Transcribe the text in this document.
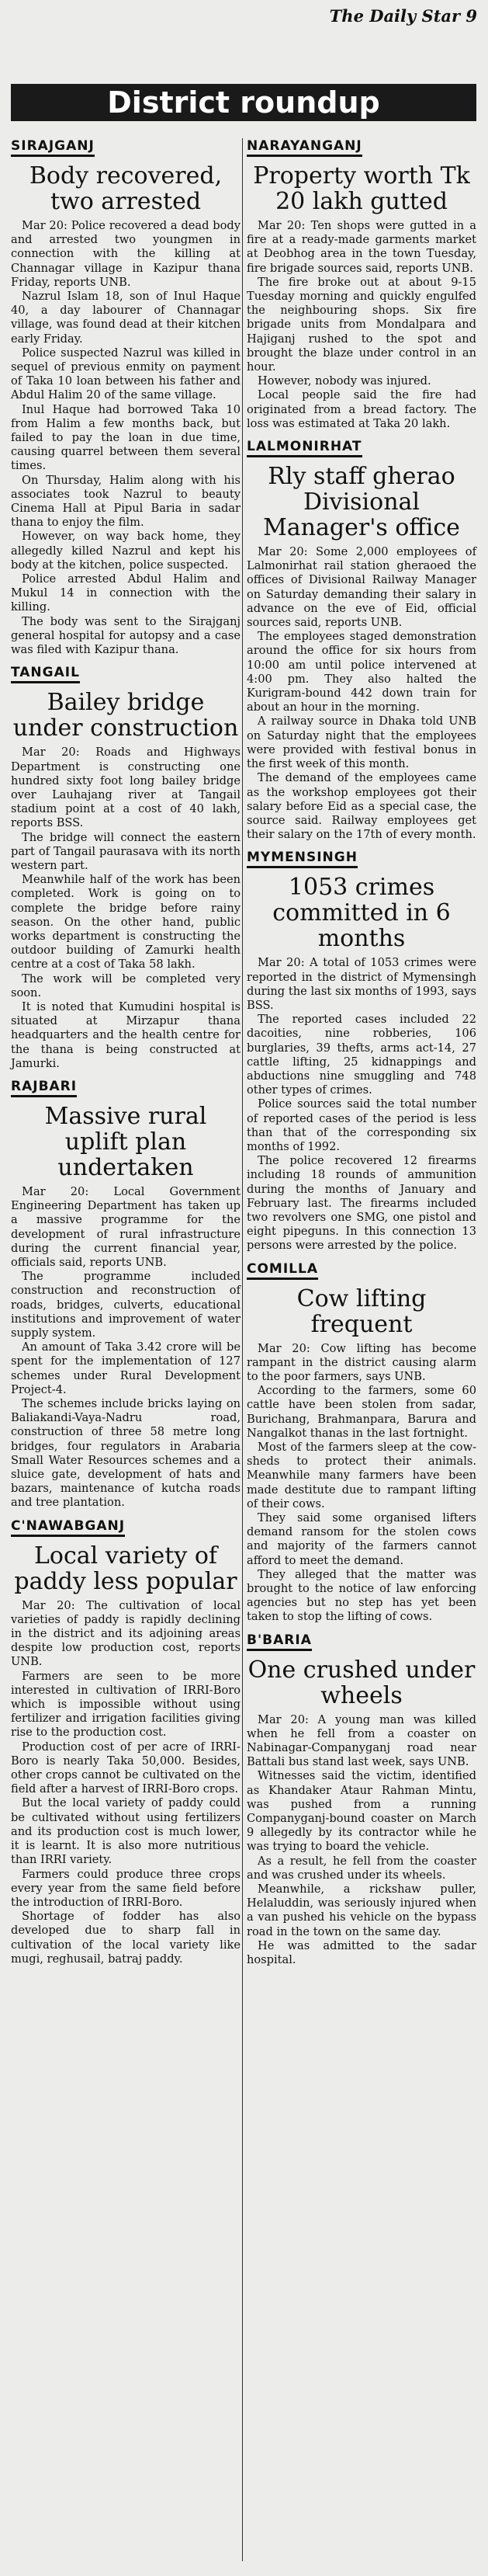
The Daily Star 9
District roundup
SIRAJGANJ
Body recovered, two arrested

Mar 20: Police recovered a dead body and arrested two youngmen in connection with the killing at Channagar village in Kazipur thana Friday, reports UNB.

Nazrul Islam 18, son of Inul Haque 40, a day labourer of Channagar village, was found dead at their kitchen early Friday.

Police suspected Nazrul was killed in sequel of previous enmity on payment of Taka 10 loan between his father and Abdul Halim 20 of the same village.

Inul Haque had borrowed Taka 10 from Halim a few months back, but failed to pay the loan in due time, causing quarrel between them several times.

On Thursday, Halim along with his associates took Nazrul to beauty Cinema Hall at Pipul Baria in sadar thana to enjoy the film.

However, on way back home, they allegedly killed Nazrul and kept his body at the kitchen, police suspected.

Police arrested Abdul Halim and Mukul 14 in connection with the killing.

The body was sent to the Sirajganj general hospital for autopsy and a case was filed with Kazipur thana.

TANGAIL
Bailey bridge under construction

Mar 20: Roads and Highways Department is constructing one hundred sixty foot long bailey bridge over Lauhajang river at Tangail stadium point at a cost of 40 lakh, reports BSS.

The bridge will connect the eastern part of Tangail paurasava with its north western part.

Meanwhile half of the work has been completed. Work is going on to complete the bridge before rainy season. On the other hand, public works department is constructing the outdoor building of Zamurki health centre at a cost of Taka 58 lakh.

The work will be completed very soon.

It is noted that Kumudini hospital is situated at Mirzapur thana headquarters and the health centre for the thana is being constructed at Jamurki.

RAJBARI
Massive rural uplift plan undertaken

Mar 20: Local Government Engineering Department has taken up a massive programme for the development of rural infrastructure during the current financial year, officials said, reports UNB.

The programme included construction and reconstruction of roads, bridges, culverts, educational institutions and improvement of water supply system.

An amount of Taka 3.42 crore will be spent for the implementation of 127 schemes under Rural Development Project-4.

The schemes include bricks laying on Baliakandi-Vaya-Nadru road, construction of three 58 metre long bridges, four regulators in Arabaria Small Water Resources schemes and a sluice gate, development of hats and bazars, maintenance of kutcha roads and tree plantation.

C'NAWABGANJ
Local variety of paddy less popular

Mar 20: The cultivation of local varieties of paddy is rapidly declining in the district and its adjoining areas despite low production cost, reports UNB.

Farmers are seen to be more interested in cultivation of IRRI-Boro which is impossible without using fertilizer and irrigation facilities giving rise to the production cost.

Production cost of per acre of IRRI-Boro is nearly Taka 50,000. Besides, other crops cannot be cultivated on the field after a harvest of IRRI-Boro crops.

But the local variety of paddy could be cultivated without using fertilizers and its production cost is much lower, it is learnt. It is also more nutritious than IRRI variety.

Farmers could produce three crops every year from the same field before the introduction of IRRI-Boro.

Shortage of fodder has also developed due to sharp fall in cultivation of the local variety like mugi, reghusail, batraj paddy.

NARAYANGANJ
Property worth Tk 20 lakh gutted

Mar 20: Ten shops were gutted in a fire at a ready-made garments market at Deobhog area in the town Tuesday, fire brigade sources said, reports UNB.

The fire broke out at about 9-15 Tuesday morning and quickly engulfed the neighbouring shops. Six fire brigade units from Mondalpara and Hajiganj rushed to the spot and brought the blaze under control in an hour.

However, nobody was injured.

Local people said the fire had originated from a bread factory. The loss was estimated at Taka 20 lakh.

LALMONIRHAT
Rly staff gherao Divisional Manager's office

Mar 20: Some 2,000 employees of Lalmonirhat rail station gheraoed the offices of Divisional Railway Manager on Saturday demanding their salary in advance on the eve of Eid, official sources said, reports UNB.

The employees staged demonstration around the office for six hours from 10:00 am until police intervened at 4:00 pm. They also halted the Kurigram-bound 442 down train for about an hour in the morning.

A railway source in Dhaka told UNB on Saturday night that the employees were provided with festival bonus in the first week of this month.

The demand of the employees came as the workshop employees got their salary before Eid as a special case, the source said. Railway employees get their salary on the 17th of every month.

MYMENSINGH
1053 crimes committed in 6 months

Mar 20: A total of 1053 crimes were reported in the district of Mymensingh during the last six months of 1993, says BSS.

The reported cases included 22 dacoities, nine robberies, 106 burglaries, 39 thefts, arms act-14, 27 cattle lifting, 25 kidnappings and abductions nine smuggling and 748 other types of crimes.

Police sources said the total number of reported cases of the period is less than that of the corresponding six months of 1992.

The police recovered 12 firearms including 18 rounds of ammunition during the months of January and February last. The firearms included two revolvers one SMG, one pistol and eight pipeguns. In this connection 13 persons were arrested by the police.

COMILLA
Cow lifting frequent

Mar 20: Cow lifting has become rampant in the district causing alarm to the poor farmers, says UNB.

According to the farmers, some 60 cattle have been stolen from sadar, Burichang, Brahmanpara, Barura and Nangalkot thanas in the last fortnight.

Most of the farmers sleep at the cow-sheds to protect their animals. Meanwhile many farmers have been made destitute due to rampant lifting of their cows.

They said some organised lifters demand ransom for the stolen cows and majority of the farmers cannot afford to meet the demand.

They alleged that the matter was brought to the notice of law enforcing agencies but no step has yet been taken to stop the lifting of cows.

B'BARIA
One crushed under wheels

Mar 20: A young man was killed when he fell from a coaster on Nabinagar-Companyganj road near Battali bus stand last week, says UNB.

Witnesses said the victim, identified as Khandaker Ataur Rahman Mintu, was pushed from a running Companyganj-bound coaster on March 9 allegedly by its contractor while he was trying to board the vehicle.

As a result, he fell from the coaster and was crushed under its wheels.

Meanwhile, a rickshaw puller, Helaluddin, was seriously injured when a van pushed his vehicle on the bypass road in the town on the same day.

He was admitted to the sadar hospital.
